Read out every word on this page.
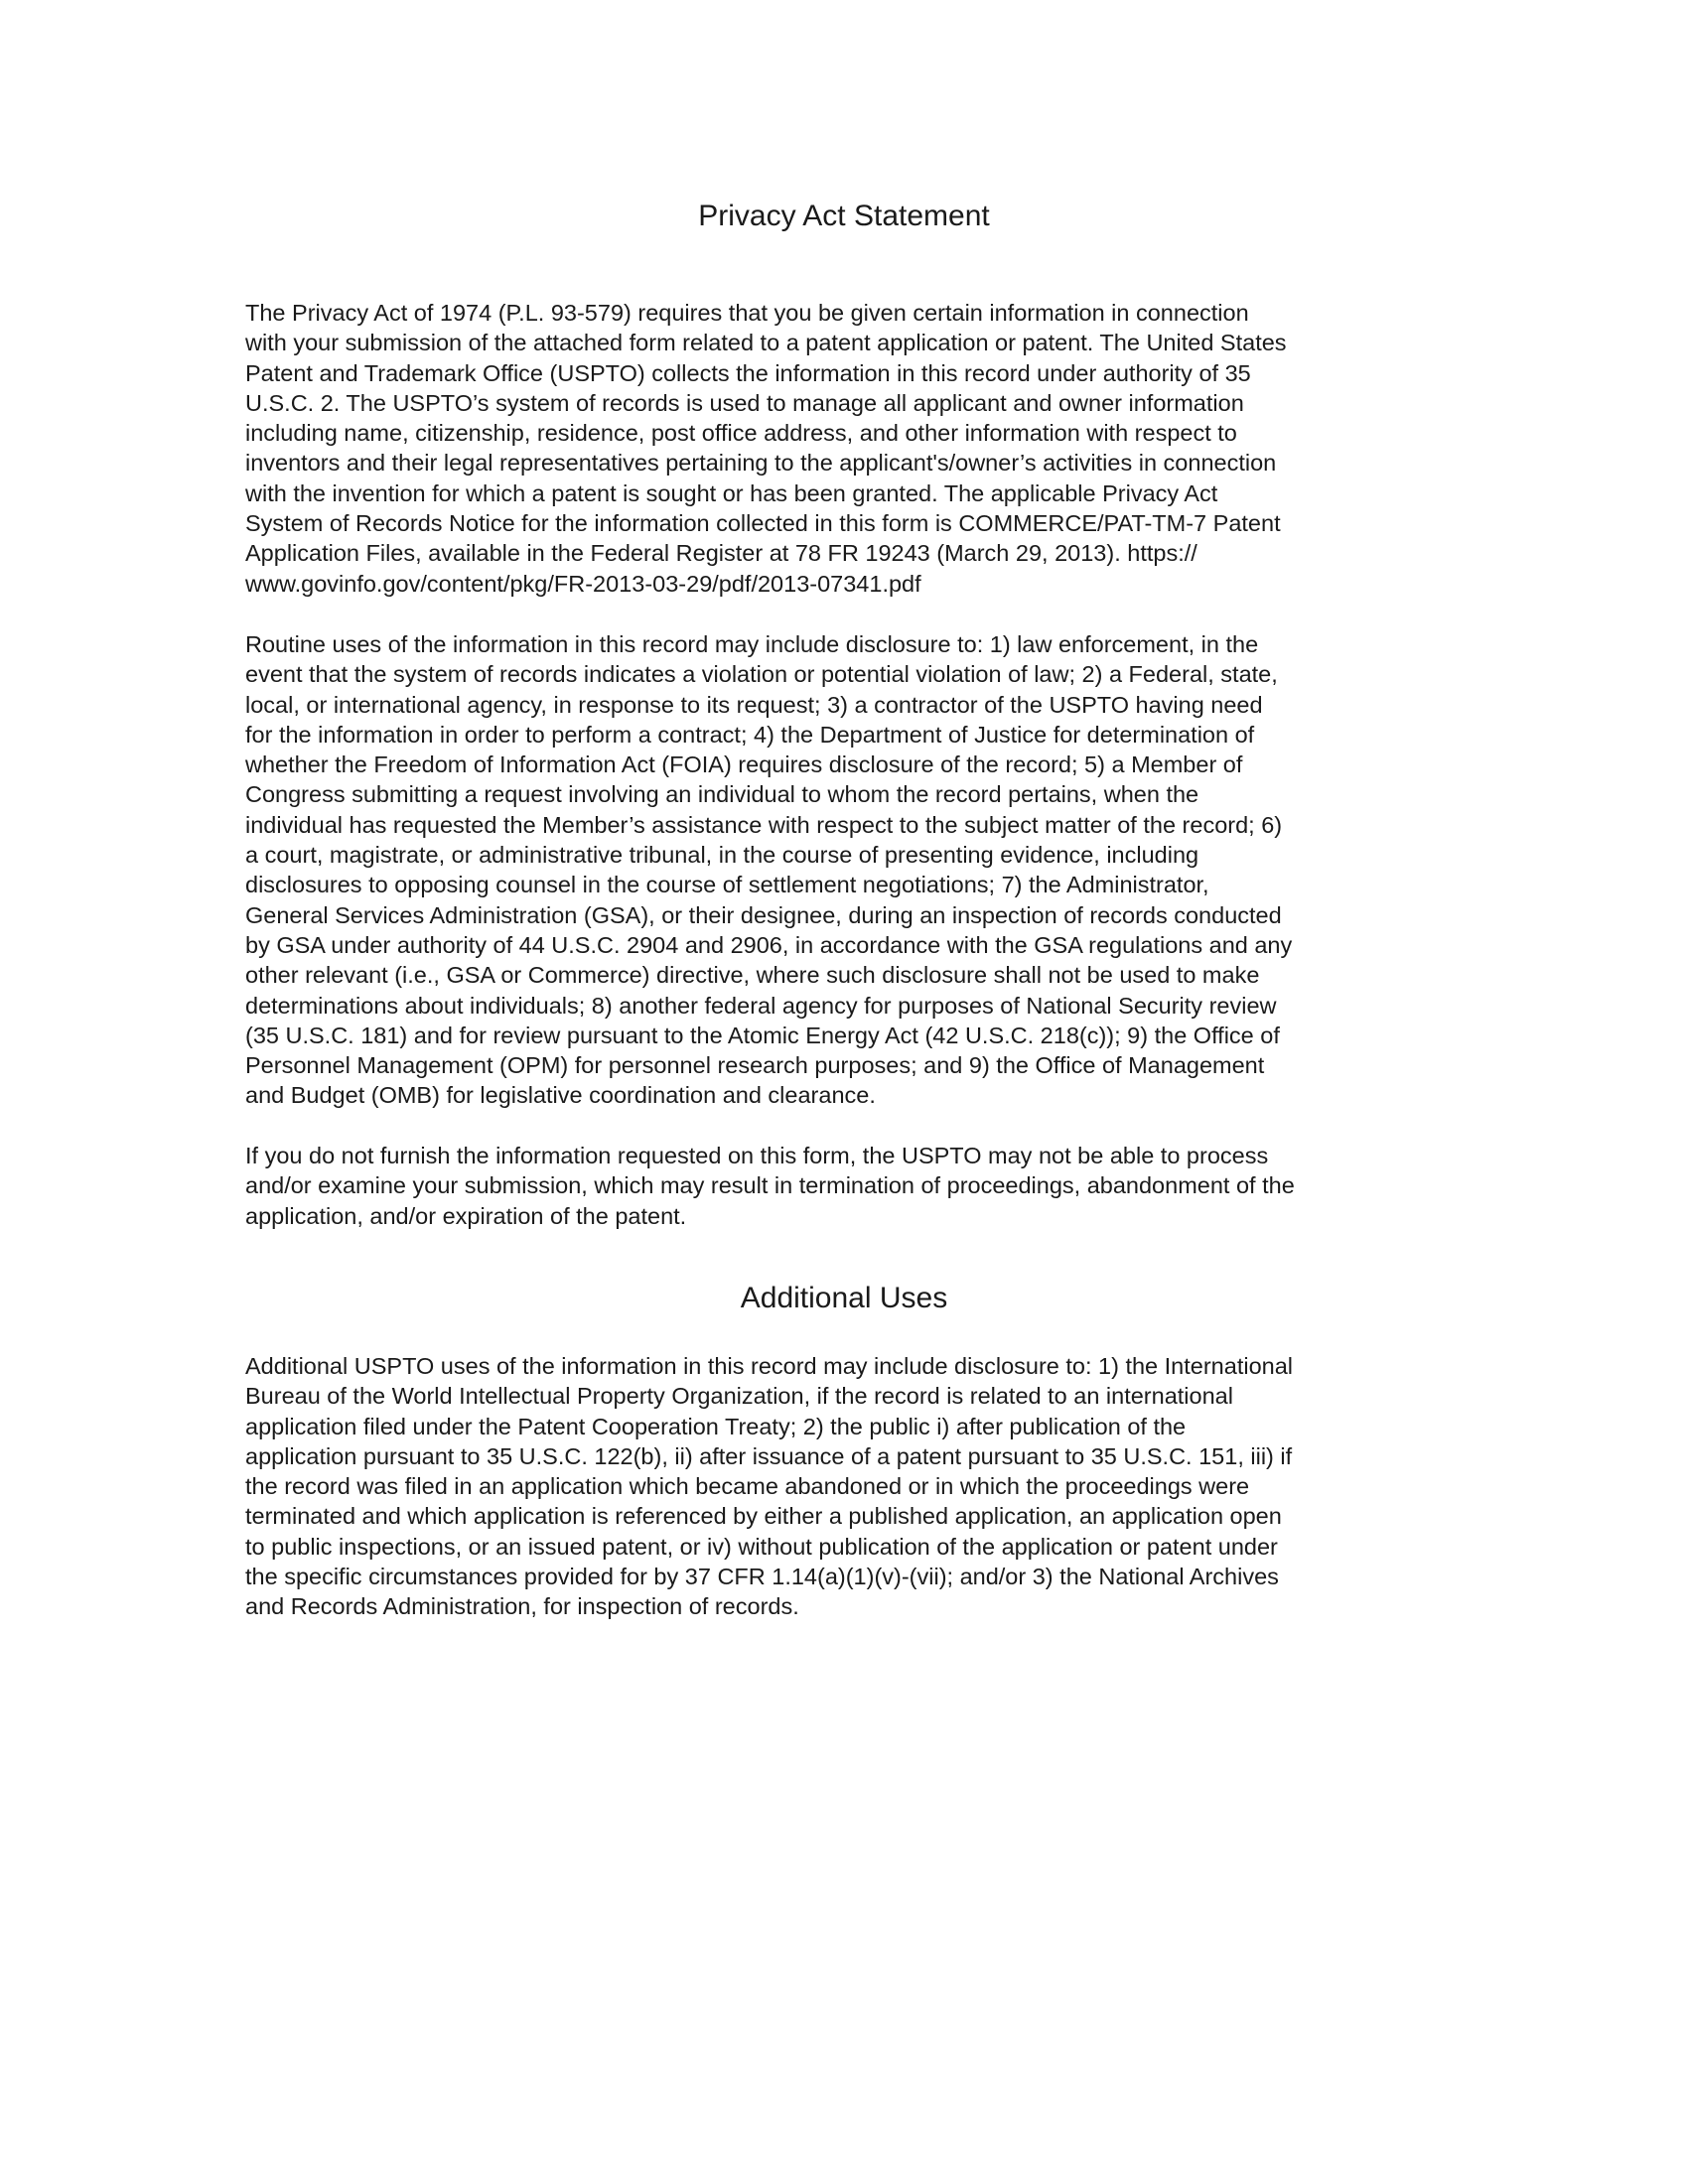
Privacy Act Statement

The Privacy Act of 1974 (P.L. 93-579) requires that you be given certain information in connection
with your submission of the attached form related to a patent application or patent. The United States
Patent and Trademark Office (USPTO) collects the information in this record under authority of 35
U.S.C. 2. The USPTO’s system of records is used to manage all applicant and owner information
including name, citizenship, residence, post office address, and other information with respect to
inventors and their legal representatives pertaining to the applicant's/owner’s activities in connection
with the invention for which a patent is sought or has been granted. The applicable Privacy Act
System of Records Notice for the information collected in this form is COMMERCE/PAT-TM-7 Patent
Application Files, available in the Federal Register at 78 FR 19243 (March 29, 2013). https://
www.govinfo.gov/content/pkg/FR-2013-03-29/pdf/2013-07341.pdf

Routine uses of the information in this record may include disclosure to: 1) law enforcement, in the
event that the system of records indicates a violation or potential violation of law; 2) a Federal, state,
local, or international agency, in response to its request; 3) a contractor of the USPTO having need
for the information in order to perform a contract; 4) the Department of Justice for determination of
whether the Freedom of Information Act (FOIA) requires disclosure of the record; 5) a Member of
Congress submitting a request involving an individual to whom the record pertains, when the
individual has requested the Member’s assistance with respect to the subject matter of the record; 6)
a court, magistrate, or administrative tribunal, in the course of presenting evidence, including
disclosures to opposing counsel in the course of settlement negotiations; 7) the Administrator,
General Services Administration (GSA), or their designee, during an inspection of records conducted
by GSA under authority of 44 U.S.C. 2904 and 2906, in accordance with the GSA regulations and any
other relevant (i.e., GSA or Commerce) directive, where such disclosure shall not be used to make
determinations about individuals; 8) another federal agency for purposes of National Security review
(35 U.S.C. 181) and for review pursuant to the Atomic Energy Act (42 U.S.C. 218(c)); 9) the Office of
Personnel Management (OPM) for personnel research purposes; and 9) the Office of Management
and Budget (OMB) for legislative coordination and clearance.

If you do not furnish the information requested on this form, the USPTO may not be able to process
and/or examine your submission, which may result in termination of proceedings, abandonment of the
application, and/or expiration of the patent.

Additional Uses

Additional USPTO uses of the information in this record may include disclosure to: 1) the International
Bureau of the World Intellectual Property Organization, if the record is related to an international
application filed under the Patent Cooperation Treaty; 2) the public i) after publication of the
application pursuant to 35 U.S.C. 122(b), ii) after issuance of a patent pursuant to 35 U.S.C. 151, iii) if
the record was filed in an application which became abandoned or in which the proceedings were
terminated and which application is referenced by either a published application, an application open
to public inspections, or an issued patent, or iv) without publication of the application or patent under
the specific circumstances provided for by 37 CFR 1.14(a)(1)(v)-(vii); and/or 3) the National Archives
and Records Administration, for inspection of records.
